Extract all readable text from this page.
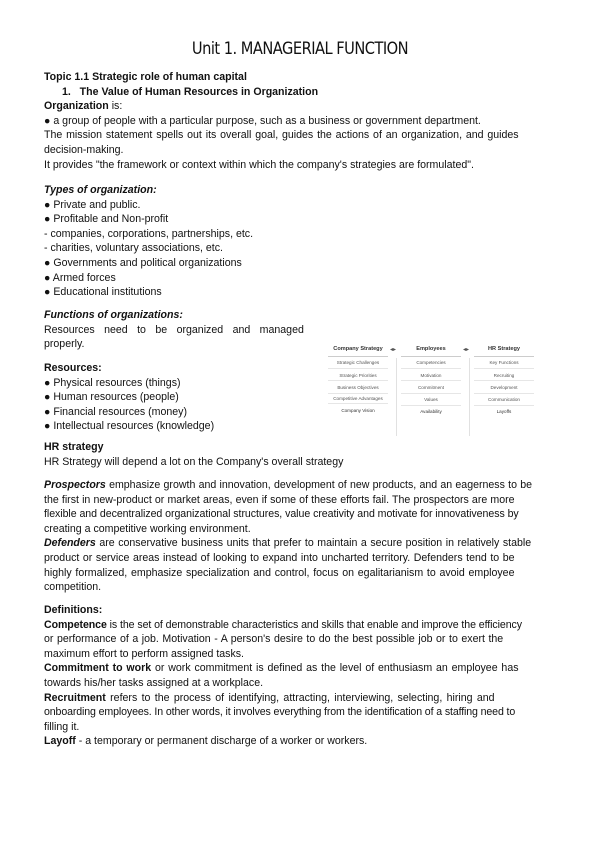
Unit 1. MANAGERIAL FUNCTION
Topic 1.1 Strategic role of human capital
1.   The Value of Human Resources in Organization
Organization is:
● a group of people with a particular purpose, such as a business or government department.
The mission statement spells out its overall goal, guides the actions of an organization, and guides
decision-making.
It provides "the framework or context within which the company's strategies are formulated".
Types of organization:
● Private and public.
● Profitable and Non-profit
- companies, corporations, partnerships, etc.
- charities, voluntary associations, etc.
● Governments and political organizations
● Armed forces
● Educational institutions
Functions of organizations:
Resources need to be organized and managed
properly.
Resources:
● Physical resources (things)
● Human resources (people)
● Financial resources (money)
● Intellectual resources (knowledge)
Company Strategy
Strategic Challenges
Strategic Priorities
Business Objectives
Competitive Advantages
Company Vision
◂▸	Employees
Competencies
Motivation
Commitment
Values
Availability
◂▸	HR Strategy
Key Functions
Recruiting
Development
Communication
Layoffs
HR strategy
HR Strategy will depend a lot on the Company's overall strategy
Prospectors emphasize growth and innovation, development of new products, and an eagerness to be
the first in new-product or market areas, even if some of these efforts fail. The prospectors are more
flexible and decentralized organizational structures, value creativity and motivate for innovativeness by
creating a competitive working environment.
Defenders are conservative business units that prefer to maintain a secure position in relatively stable
product or service areas instead of looking to expand into uncharted territory. Defenders tend to be
highly formalized, emphasize specialization and control, focus on egalitarianism to avoid employee
competition.
Definitions:
Competence is the set of demonstrable characteristics and skills that enable and improve the efficiency
or performance of a job. Motivation - A person's desire to do the best possible job or to exert the
maximum effort to perform assigned tasks.
Commitment to work or work commitment is defined as the level of enthusiasm an employee has
towards his/her tasks assigned at a workplace.
Recruitment refers to the process of identifying, attracting, interviewing, selecting, hiring and
onboarding employees. In other words, it involves everything from the identification of a staffing need to
filling it.
Layoff - a temporary or permanent discharge of a worker or workers.
